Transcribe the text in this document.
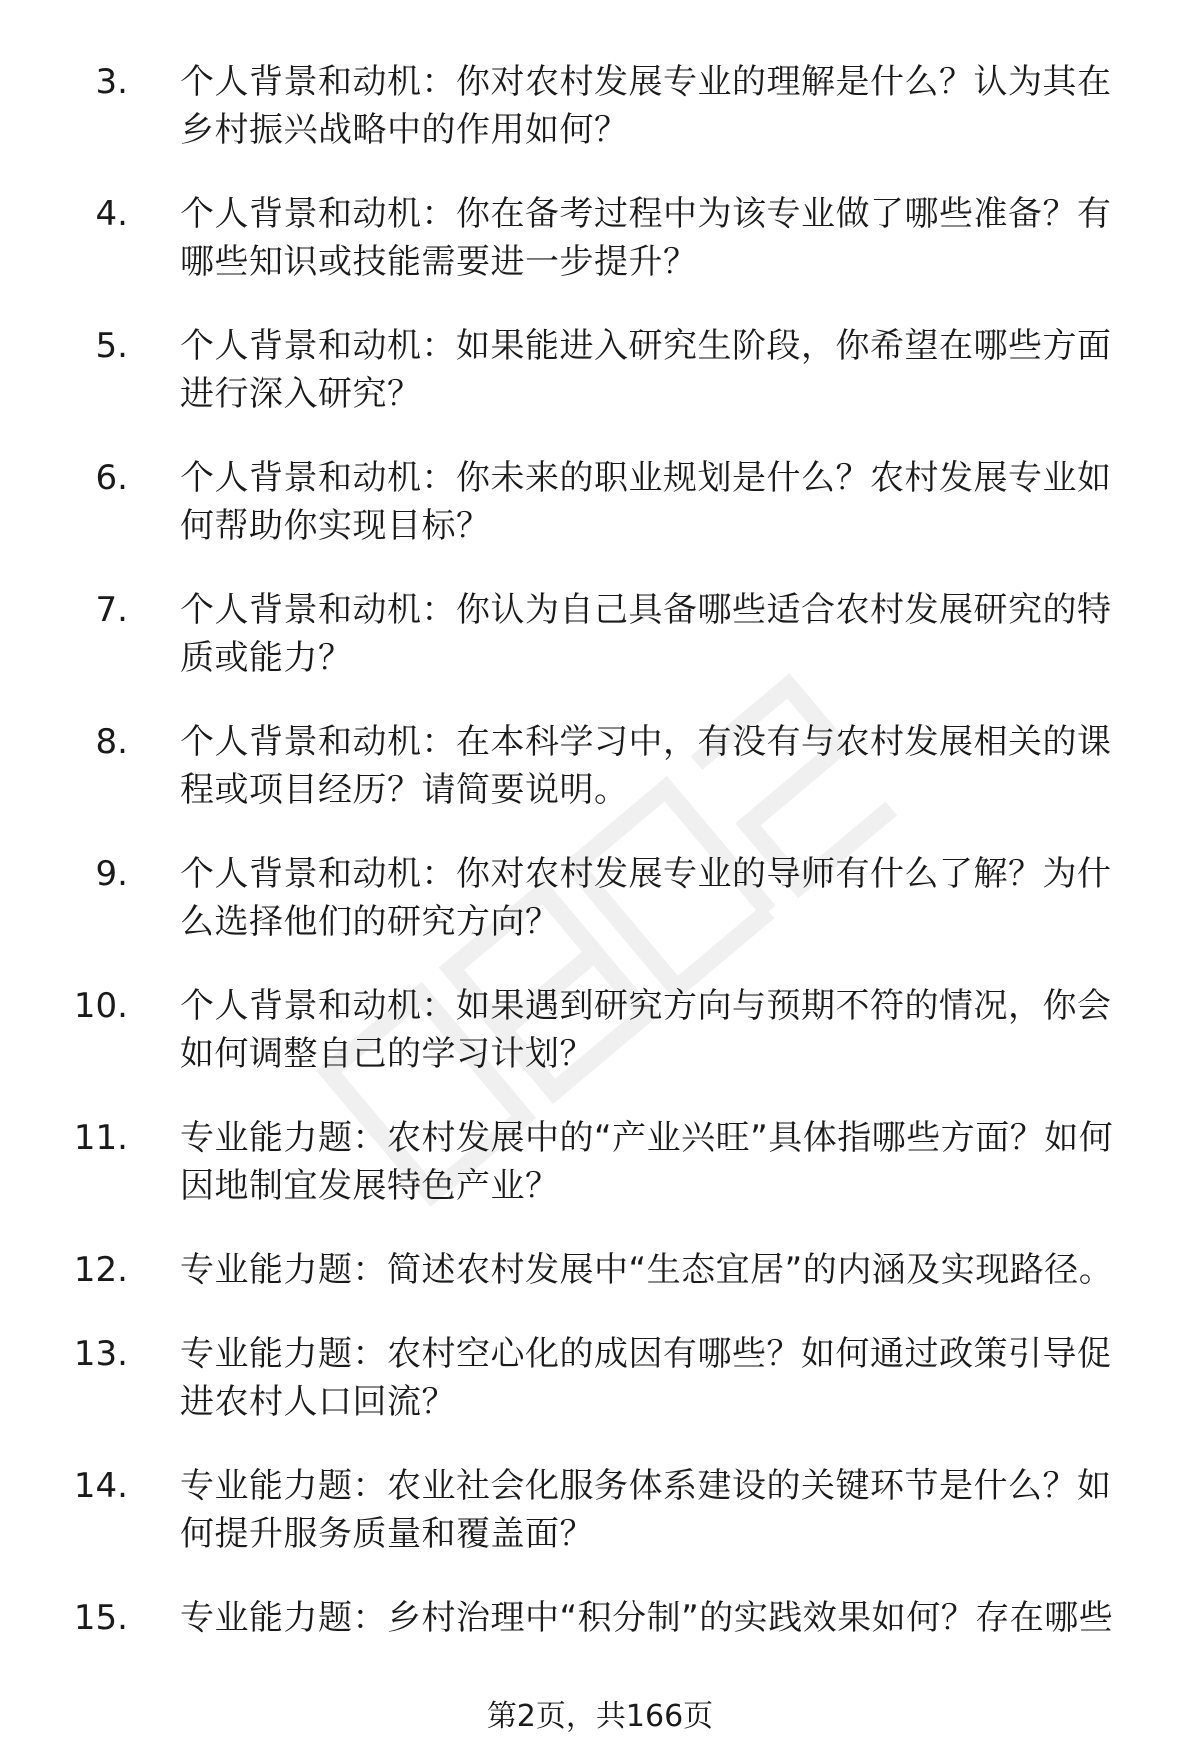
3. 个人背景和动机：你对农村发展专业的理解是什么？认为其在乡村振兴战略中的作用如何？
4. 个人背景和动机：你在备考过程中为该专业做了哪些准备？有哪些知识或技能需要进一步提升？
5. 个人背景和动机：如果能进入研究生阶段，你希望在哪些方面进行深入研究？
6. 个人背景和动机：你未来的职业规划是什么？农村发展专业如何帮助你实现目标？
7. 个人背景和动机：你认为自己具备哪些适合农村发展研究的特质或能力？
8. 个人背景和动机：在本科学习中，有没有与农村发展相关的课程或项目经历？请简要说明。
9. 个人背景和动机：你对农村发展专业的导师有什么了解？为什么选择他们的研究方向？
10. 个人背景和动机：如果遇到研究方向与预期不符的情况，你会如何调整自己的学习计划？
11. 专业能力题：农村发展中的“产业兴旺”具体指哪些方面？如何因地制宜发展特色产业？
12. 专业能力题：简述农村发展中“生态宜居”的内涵及实现路径。
13. 专业能力题：农村空心化的成因有哪些？如何通过政策引导促进农村人口回流？
14. 专业能力题：农业社会化服务体系建设的关键环节是什么？如何提升服务质量和覆盖面？
15. 专业能力题：乡村治理中“积分制”的实践效果如何？存在哪些
第2页，共166页
